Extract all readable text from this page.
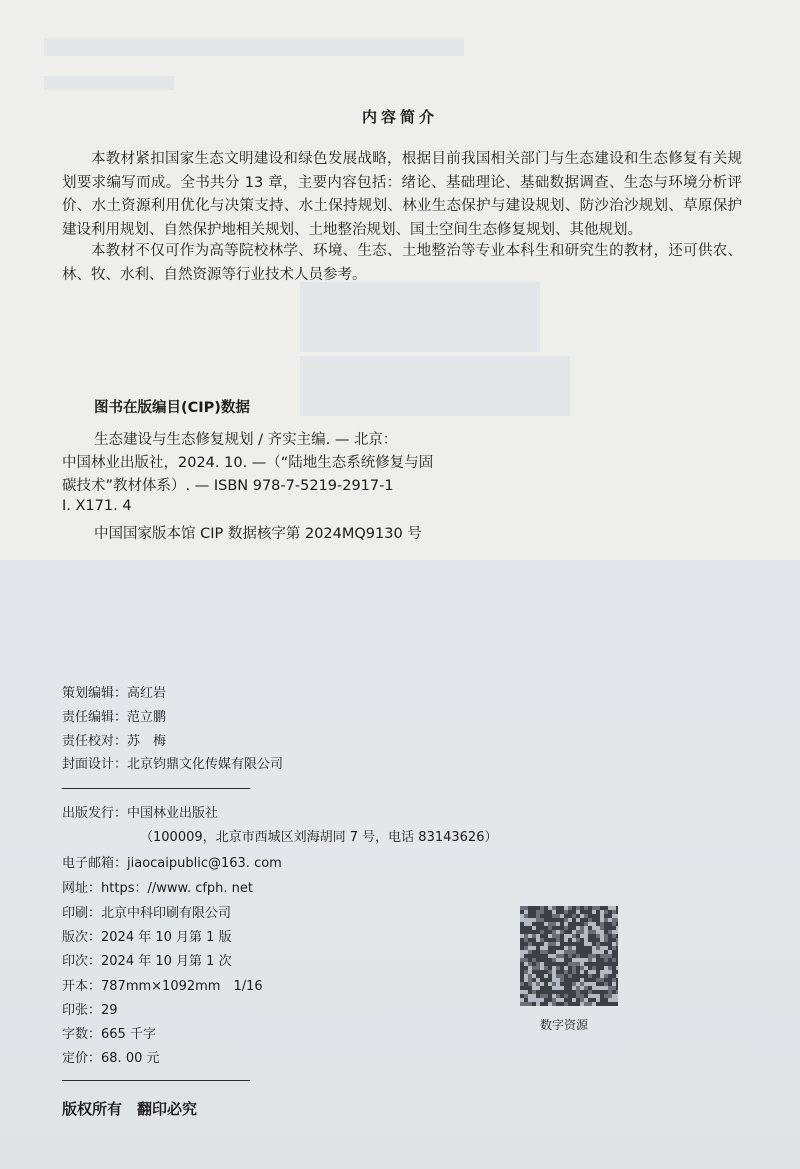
内容简介
本教材紧扣国家生态文明建设和绿色发展战略，根据目前我国相关部门与生态建设和生态修复有关规划要求编写而成。全书共分 13 章，主要内容包括：绪论、基础理论、基础数据调查、生态与环境分析评价、水土资源利用优化与决策支持、水土保持规划、林业生态保护与建设规划、防沙治沙规划、草原保护建设利用规划、自然保护地相关规划、土地整治规划、国土空间生态修复规划、其他规划。
本教材不仅可作为高等院校林学、环境、生态、土地整治等专业本科生和研究生的教材，还可供农、林、牧、水利、自然资源等行业技术人员参考。
图书在版编目(CIP)数据
生态建设与生态修复规划 / 齐实主编. — 北京：
中国林业出版社，2024. 10. —（“陆地生态系统修复与固
碳技术”教材体系）. — ISBN 978-7-5219-2917-1
Ⅰ. X171. 4
中国国家版本馆 CIP 数据核字第 2024MQ9130 号
策划编辑：高红岩
责任编辑：范立鹏
责任校对：苏　梅
封面设计：北京钧鼎文化传媒有限公司
出版发行：中国林业出版社
（100009，北京市西城区刘海胡同 7 号，电话 83143626）
电子邮箱：jiaocaipublic@163. com
网址：https：//www. cfph. net
印刷：北京中科印刷有限公司
版次：2024 年 10 月第 1 版
印次：2024 年 10 月第 1 次
开本：787mm×1092mm　1/16
印张：29
字数：665 千字
定价：68. 00 元
数字资源
版权所有　翻印必究
